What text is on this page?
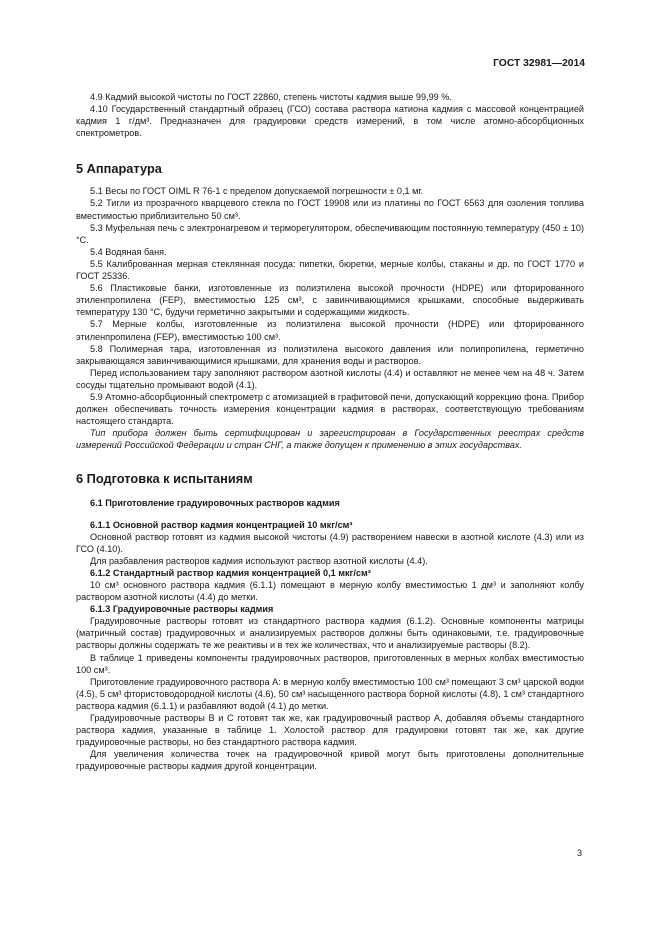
ГОСТ 32981—2014

4.9 Кадмий высокой чистоты по ГОСТ 22860, степень чистоты кадмия выше 99,99 %.

4.10 Государственный стандартный образец (ГСО) состава раствора катиона кадмия с массовой концентрацией кадмия 1 г/дм³. Предназначен для градуировки средств измерений, в том числе атомно-абсорбционных спектрометров.

5 Аппаратура

5.1 Весы по ГОСТ OIML R 76-1 с пределом допускаемой погрешности ± 0,1 мг.

5.2 Тигли из прозрачного кварцевого стекла по ГОСТ 19908 или из платины по ГОСТ 6563 для озоления топлива вместимостью приблизительно 50 см³.

5.3 Муфельная печь с электронагревом и терморегулятором, обеспечивающим постоянную температуру (450 ± 10) °С.

5.4 Водяная баня.

5.5 Калиброванная мерная стеклянная посуда: пипетки, бюретки, мерные колбы, стаканы и др. по ГОСТ 1770 и ГОСТ 25336.

5.6 Пластиковые банки, изготовленные из полиэтилена высокой прочности (HDPE) или фторированного этиленпропилена (FEP), вместимостью 125 см³, с завинчивающимися крышками, способные выдерживать температуру 130 °С, будучи герметично закрытыми и содержащими жидкость.

5.7 Мерные колбы, изготовленные из полиэтилена высокой прочности (HDPE) или фторированного этиленпропилена (FEP), вместимостью 100 см³.

5.8 Полимерная тара, изготовленная из полиэтилена высокого давления или полипропилена, герметично закрывающаяся завинчивающимися крышками, для хранения воды и растворов.

Перед использованием тару заполняют раствором азотной кислоты (4.4) и оставляют не менее чем на 48 ч. Затем сосуды тщательно промывают водой (4.1).

5.9 Атомно-абсорбционный спектрометр с атомизацией в графитовой печи, допускающий коррекцию фона. Прибор должен обеспечивать точность измерения концентрации кадмия в растворах, соответствующую требованиям настоящего стандарта.

Тип прибора должен быть сертифицирован и зарегистрирован в Государственных реестрах средств измерений Российской Федерации и стран СНГ, а также допущен к применению в этих государствах.

6 Подготовка к испытаниям

6.1 Приготовление градуировочных растворов кадмия

6.1.1 Основной раствор кадмия концентрацией 10 мкг/см³

Основной раствор готовят из кадмия высокой чистоты (4.9) растворением навески в азотной кислоте (4.3) или из ГСО (4.10).

Для разбавления растворов кадмия используют раствор азотной кислоты (4.4).

6.1.2 Стандартный раствор кадмия концентрацией 0,1 мкг/см³

10 см³ основного раствора кадмия (6.1.1) помещают в мерную колбу вместимостью 1 дм³ и заполняют колбу раствором азотной кислоты (4.4) до метки.

6.1.3 Градуировочные растворы кадмия

Градуировочные растворы готовят из стандартного раствора кадмия (6.1.2). Основные компоненты матрицы (матричный состав) градуировочных и анализируемых растворов должны быть одинаковыми, т.е. градуировочные растворы должны содержать те же реактивы и в тех же количествах, что и анализируемые растворы (8.2).

В таблице 1 приведены компоненты градуировочных растворов, приготовленных в мерных колбах вместимостью 100 см³.

Приготовление градуировочного раствора А: в мерную колбу вместимостью 100 см³ помещают 3 см³ царской водки (4.5), 5 см³ фтористоводородной кислоты (4.6), 50 см³ насыщенного раствора борной кислоты (4.8), 1 см³ стандартного раствора кадмия (6.1.1) и разбавляют водой (4.1) до метки.

Градуировочные растворы В и С готовят так же, как градуировочный раствор А, добавляя объемы стандартного раствора кадмия, указанные в таблице 1. Холостой раствор для градуировки готовят так же, как другие градуировочные растворы, но без стандартного раствора кадмия.

Для увеличения количества точек на градуировочной кривой могут быть приготовлены дополнительные градуировочные растворы кадмия другой концентрации.

3
